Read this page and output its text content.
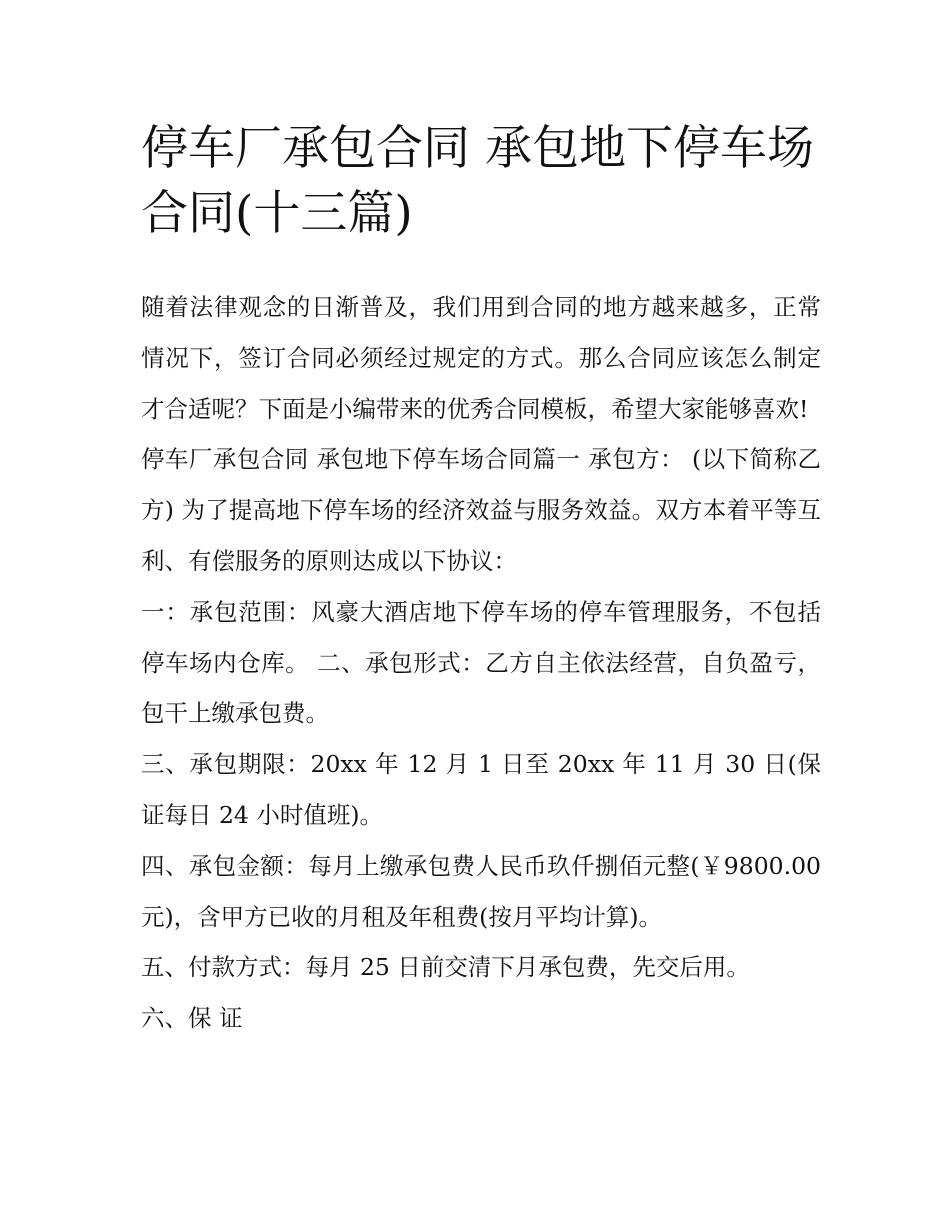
停车厂承包合同 承包地下停车场合同(十三篇)

随着法律观念的日渐普及，我们用到合同的地方越来越多，正常情况下，签订合同必须经过规定的方式。那么合同应该怎么制定才合适呢？下面是小编带来的优秀合同模板，希望大家能够喜欢!

停车厂承包合同 承包地下停车场合同篇一 承包方： (以下简称乙方) 为了提高地下停车场的经济效益与服务效益。双方本着平等互利、有偿服务的原则达成以下协议：

一：承包范围：风豪大酒店地下停车场的停车管理服务，不包括停车场内仓库。 二、承包形式：乙方自主依法经营，自负盈亏，包干上缴承包费。

三、承包期限：20xx 年 12 月 1 日至 20xx 年 11 月 30 日(保证每日 24 小时值班)。

四、承包金额：每月上缴承包费人民币玖仟捌佰元整(￥9800.00 元)，含甲方已收的月租及年租费(按月平均计算)。

五、付款方式：每月 25 日前交清下月承包费，先交后用。

六、保 证
